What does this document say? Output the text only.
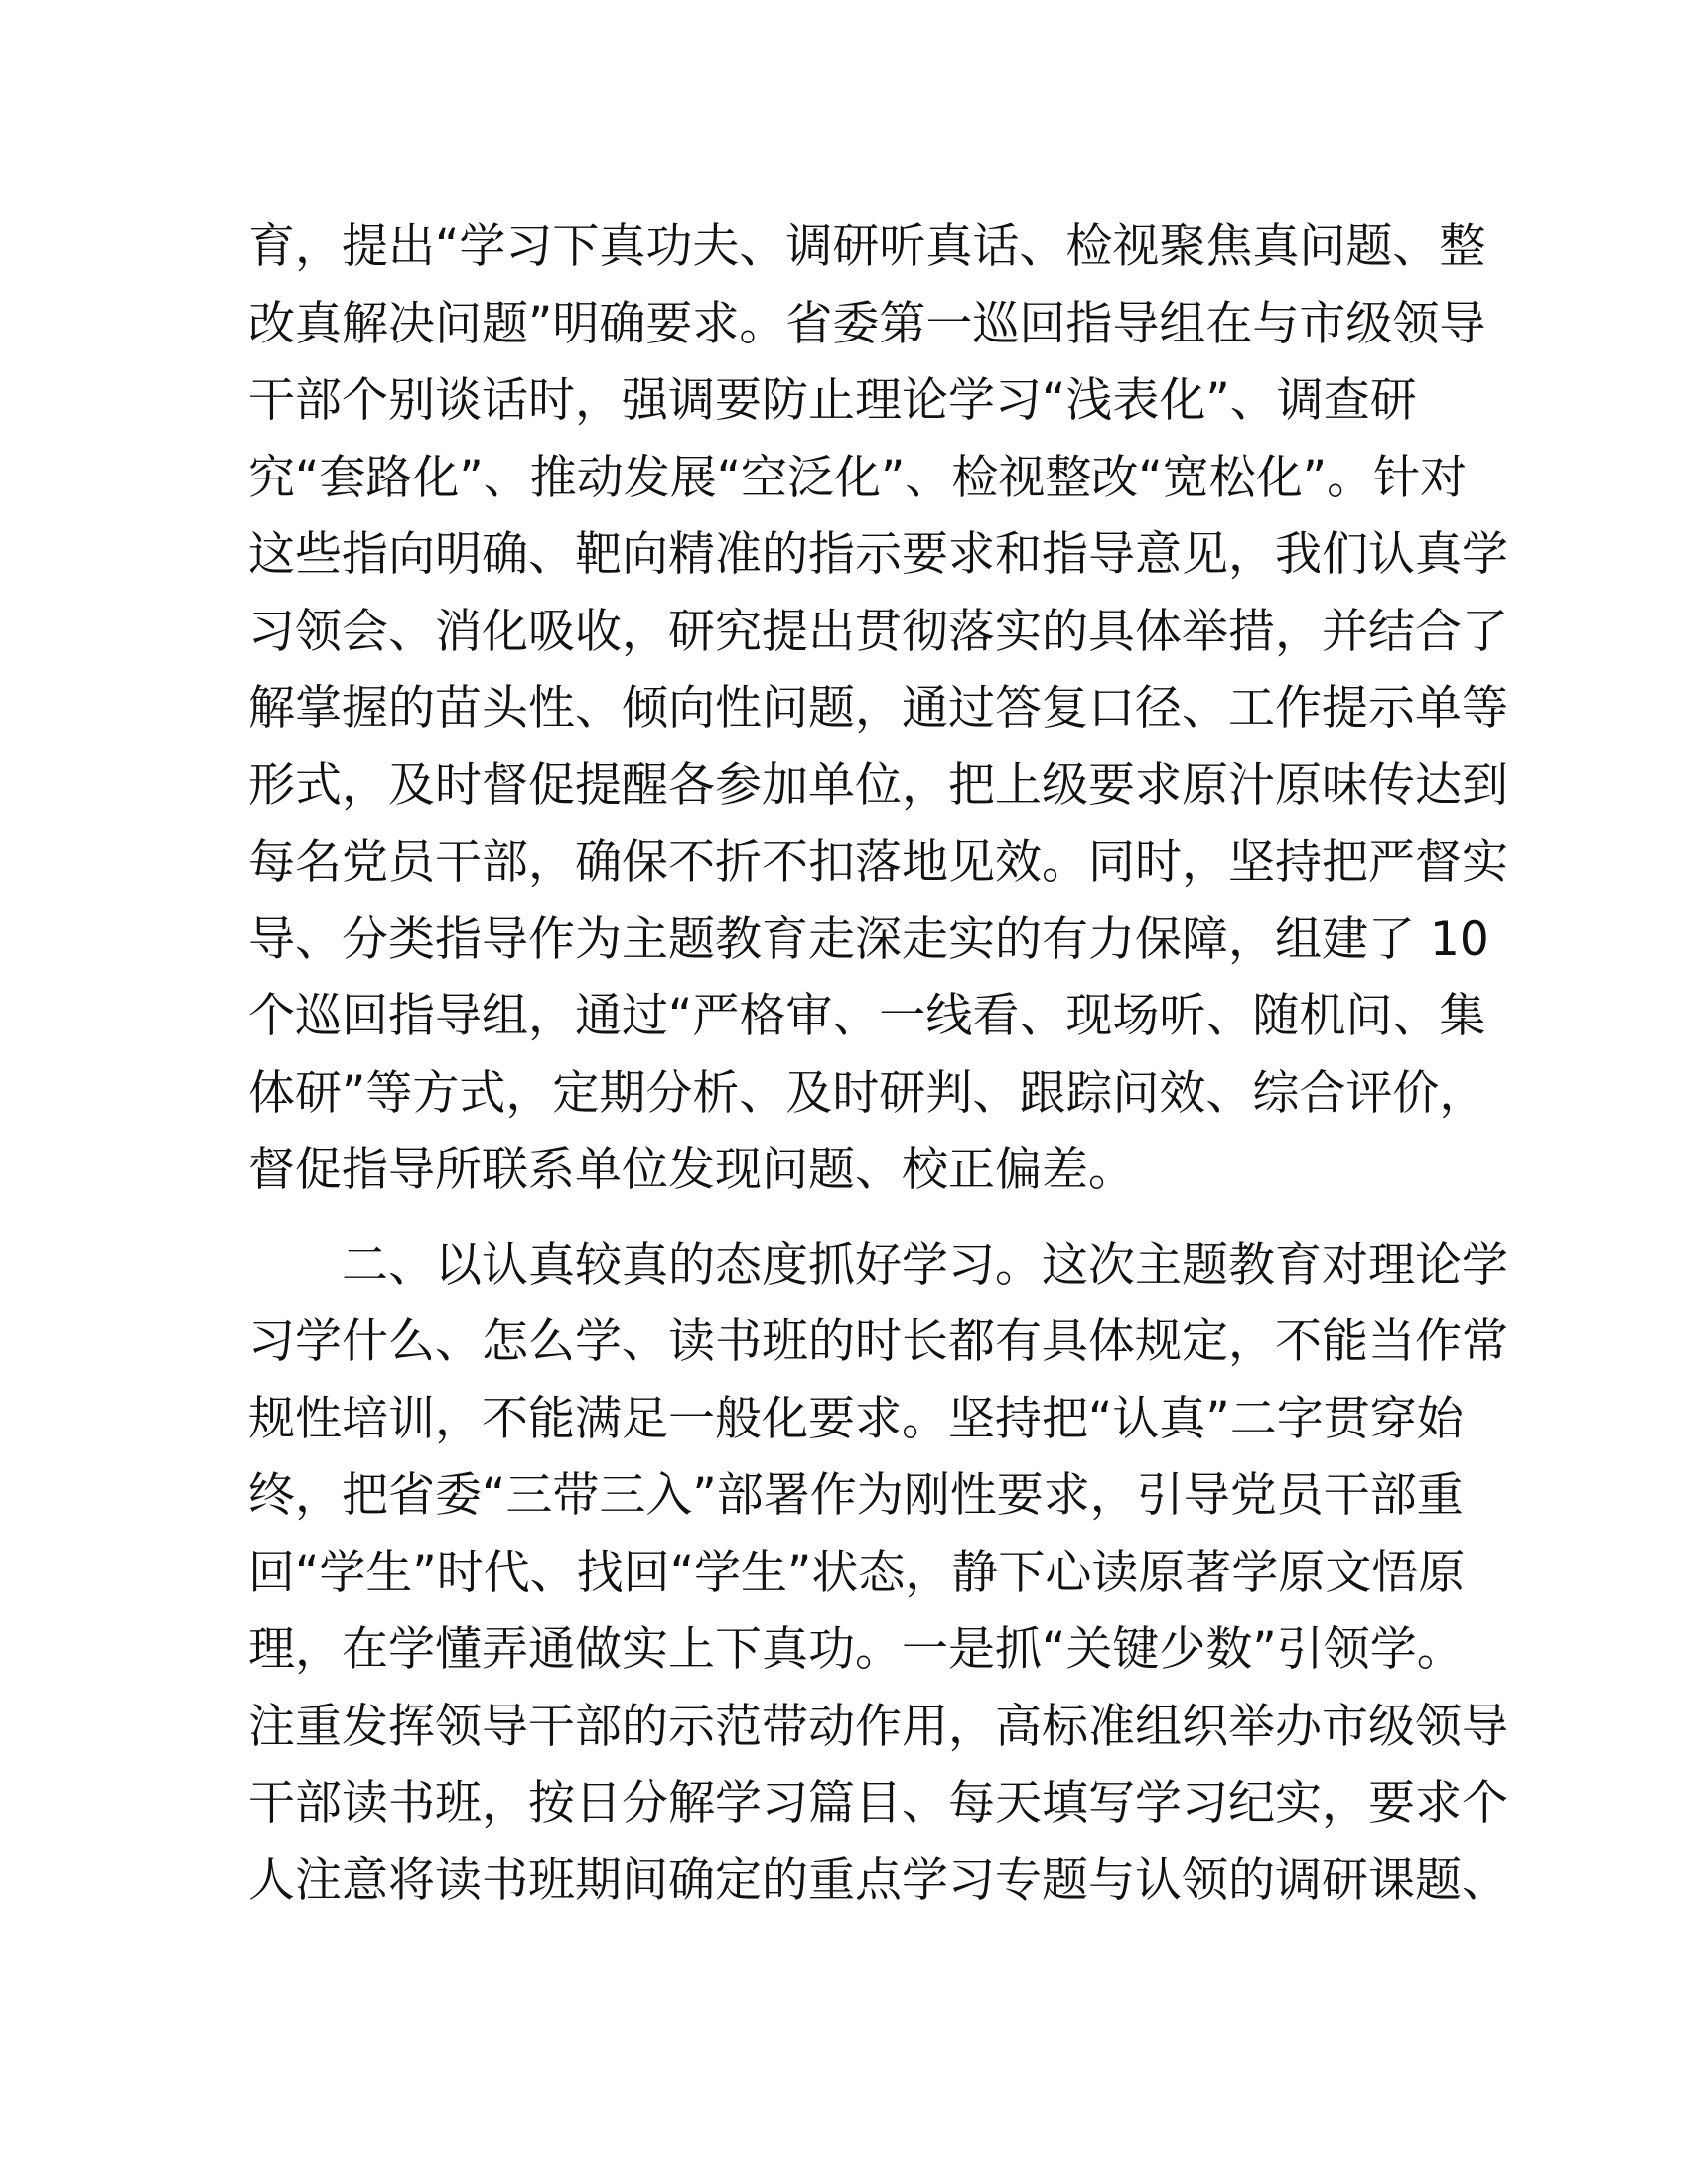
育，提出“学习下真功夫、调研听真话、检视聚焦真问题、整
改真解决问题”明确要求。省委第一巡回指导组在与市级领导
干部个别谈话时，强调要防止理论学习“浅表化”、调查研
究“套路化”、推动发展“空泛化”、检视整改“宽松化”。针对
这些指向明确、靶向精准的指示要求和指导意见，我们认真学
习领会、消化吸收，研究提出贯彻落实的具体举措，并结合了
解掌握的苗头性、倾向性问题，通过答复口径、工作提示单等
形式，及时督促提醒各参加单位，把上级要求原汁原味传达到
每名党员干部，确保不折不扣落地见效。同时，坚持把严督实
导、分类指导作为主题教育走深走实的有力保障，组建了 10
个巡回指导组，通过“严格审、一线看、现场听、随机问、集
体研”等方式，定期分析、及时研判、跟踪问效、综合评价，
督促指导所联系单位发现问题、校正偏差。
二、以认真较真的态度抓好学习。这次主题教育对理论学
习学什么、怎么学、读书班的时长都有具体规定，不能当作常
规性培训，不能满足一般化要求。坚持把“认真”二字贯穿始
终，把省委“三带三入”部署作为刚性要求，引导党员干部重
回“学生”时代、找回“学生”状态，静下心读原著学原文悟原
理，在学懂弄通做实上下真功。一是抓“关键少数”引领学。
注重发挥领导干部的示范带动作用，高标准组织举办市级领导
干部读书班，按日分解学习篇目、每天填写学习纪实，要求个
人注意将读书班期间确定的重点学习专题与认领的调研课题、
